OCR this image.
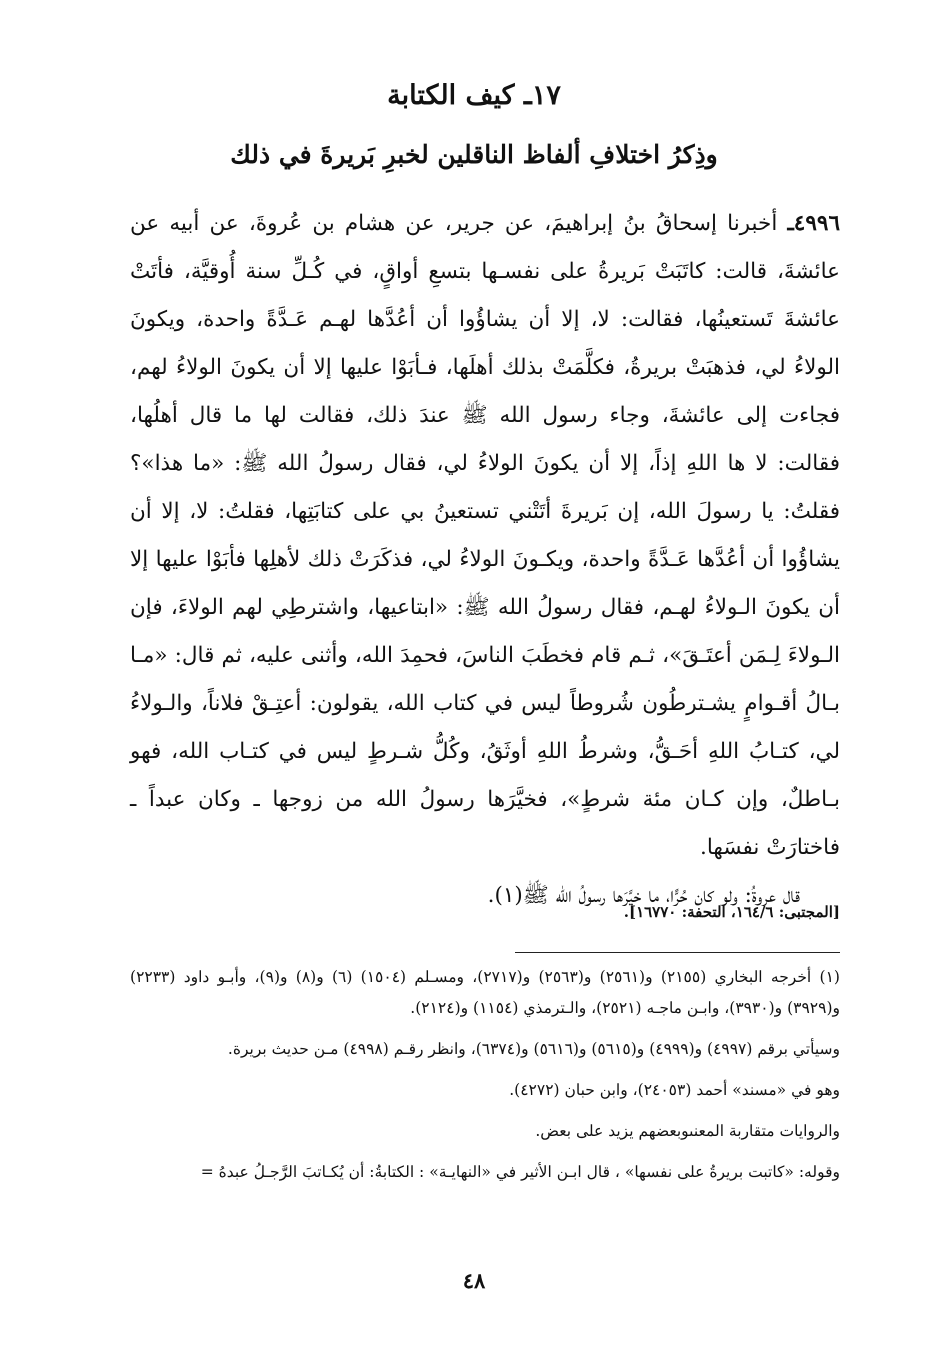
١٧ـ كيف الكتابة
وذِكرُ اختلافِ ألفاظ الناقلين لخبرِ بَريرةَ في ذلك
٤٩٩٦ـ أخبرنا إسحاقُ بنُ إبراهيمَ، عن جرير، عن هشام بن عُروةَ، عن أبيه عن عائشةَ، قالت: كاتَبَتْ بَريرةُ على نفسـها بتسعِ أواقٍ، في كُـلِّ سنة أُوقيَّة، فأتَتْ عائشةَ تَستعينُها، فقالت: لا، إلا أن يشاؤُوا أن أعُدَّها لهـم عَـدَّةً واحدة، ويكونَ الولاءُ لي، فذهبَتْ بريرةُ، فكلَّمَتْ بذلك أهلَها، فـأبَوْا عليها إلا أن يكونَ الولاءُ لهم، فجاءت إلى عائشةَ، وجاء رسول الله ﷺ عندَ ذلك، فقالت لها ما قال أهلُها، فقالت: لا ها اللهِ إذاً، إلا أن يكونَ الولاءُ لي، فقال رسولُ الله ﷺ: «ما هذا»؟ فقلتُ: يا رسولَ الله، إن بَريرةَ أتَتْني تستعينُ بي على كتابَتِها، فقلتُ: لا، إلا أن يشاؤُوا أن أعُدَّها عَـدَّةً واحدة، ويكـونَ الولاءُ لي، فذكَرَتْ ذلك لأهلِها فأبَوْا عليها إلا أن يكونَ الـولاءُ لهـم، فقال رسولُ الله ﷺ: «ابتاعيها، واشترطِي لهم الولاءَ، فإن الـولاءَ لِـمَن أعتَـقَ»، ثـم قام فخطَبَ الناسَ، فحمِدَ الله، وأثنى عليه، ثم قال: «مـا بـالُ أقـوامٍ يشـترطُون شُروطاً ليس في كتاب الله، يقولون: أعتِـقْ فلاناً، والـولاءُ لي، كتـابُ اللهِ أحَـقُّ، وشرطُ اللهِ أوثَقُ، وكُلُّ شـرطٍ ليس في كتـاب الله، فهو بـاطلٌ، وإن كـان مئة شرطٍ»، فخيَّرَها رسولُ الله من زوجها ـ وكان عبداً ـ فاختارَتْ نفسَها.
قال عروةُ: ولو كان حُرًّا، ما خيَّرَها رسولُ الله ﷺ(١).
[المجتبى: ١٦٤/٦، التحفة: ١٦٧٧٠].

(١) أخرجه البخاري (٢١٥٥) و(٢٥٦١) و(٢٥٦٣) و(٢٧١٧)، ومسـلم (١٥٠٤) (٦) و(٨) و(٩)، وأبـو داود (٢٢٣٣) و(٣٩٢٩) و(٣٩٣٠)، وابـن ماجـه (٢٥٢١)، والـترمذي (١١٥٤) و(٢١٢٤).

وسيأتي برقم (٤٩٩٧) و(٤٩٩٩) و(٥٦١٥) و(٥٦١٦) و(٦٣٧٤)، وانظر رقـم (٤٩٩٨) مـن حديث بريرة.

وهو في «مسند» أحمد (٢٤٠٥٣)، وابن حبان (٤٢٧٢).

والروايات متقاربة المعنىوبعضهم يزيد على بعض.

وقوله: «كاتبت بريرةُ على نفسها» ، قال ابـن الأثير في «النهايـة» : الكتابةُ: أن يُكـاتبَ الرَّجـلُ عبدهُ =

٤٨
